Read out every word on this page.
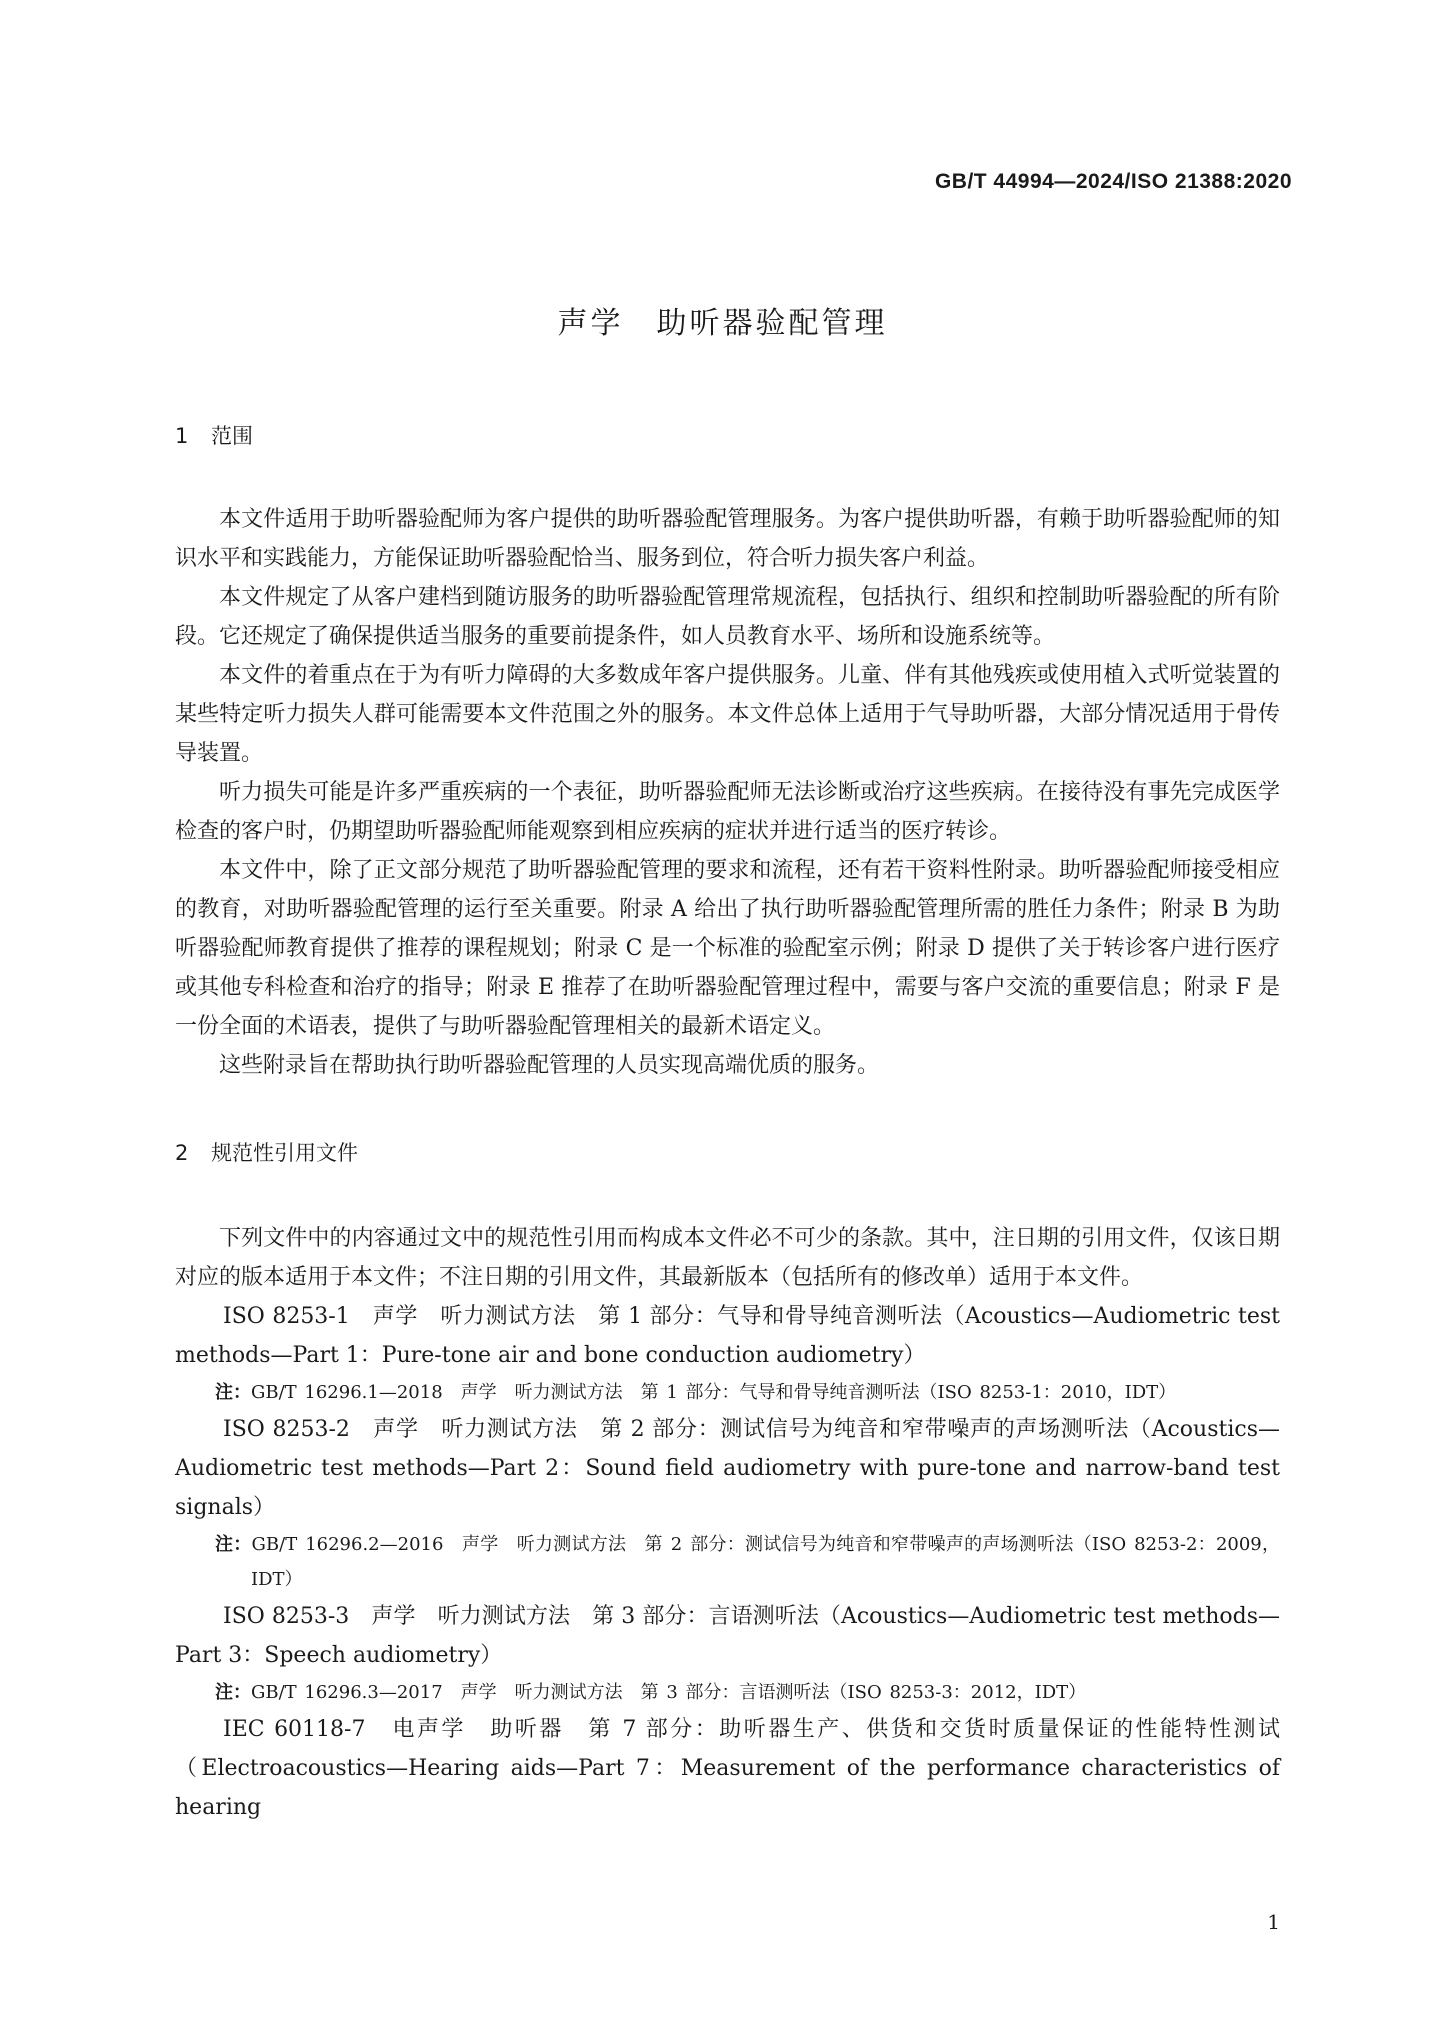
GB/T 44994—2024/ISO 21388:2020
声学　助听器验配管理
1 范围

本文件适用于助听器验配师为客户提供的助听器验配管理服务。为客户提供助听器，有赖于助听器验配师的知识水平和实践能力，方能保证助听器验配恰当、服务到位，符合听力损失客户利益。

本文件规定了从客户建档到随访服务的助听器验配管理常规流程，包括执行、组织和控制助听器验配的所有阶段。它还规定了确保提供适当服务的重要前提条件，如人员教育水平、场所和设施系统等。

本文件的着重点在于为有听力障碍的大多数成年客户提供服务。儿童、伴有其他残疾或使用植入式听觉装置的某些特定听力损失人群可能需要本文件范围之外的服务。本文件总体上适用于气导助听器，大部分情况适用于骨传导装置。

听力损失可能是许多严重疾病的一个表征，助听器验配师无法诊断或治疗这些疾病。在接待没有事先完成医学检查的客户时，仍期望助听器验配师能观察到相应疾病的症状并进行适当的医疗转诊。

本文件中，除了正文部分规范了助听器验配管理的要求和流程，还有若干资料性附录。助听器验配师接受相应的教育，对助听器验配管理的运行至关重要。附录 A 给出了执行助听器验配管理所需的胜任力条件；附录 B 为助听器验配师教育提供了推荐的课程规划；附录 C 是一个标准的验配室示例；附录 D 提供了关于转诊客户进行医疗或其他专科检查和治疗的指导；附录 E 推荐了在助听器验配管理过程中，需要与客户交流的重要信息；附录 F 是一份全面的术语表，提供了与助听器验配管理相关的最新术语定义。

这些附录旨在帮助执行助听器验配管理的人员实现高端优质的服务。

2 规范性引用文件

下列文件中的内容通过文中的规范性引用而构成本文件必不可少的条款。其中，注日期的引用文件，仅该日期对应的版本适用于本文件；不注日期的引用文件，其最新版本（包括所有的修改单）适用于本文件。

ISO 8253-1　声学　听力测试方法　第 1 部分：气导和骨导纯音测听法（Acoustics—Audiometric test methods—Part 1：Pure-tone air and bone conduction audiometry）

注：GB/T 16296.1—2018　声学　听力测试方法　第 1 部分：气导和骨导纯音测听法（ISO 8253-1：2010，IDT）

ISO 8253-2　声学　听力测试方法　第 2 部分：测试信号为纯音和窄带噪声的声场测听法（Acoustics—Audiometric test methods—Part 2：Sound field audiometry with pure-tone and narrow-band test signals）

注：GB/T 16296.2—2016　声学　听力测试方法　第 2 部分：测试信号为纯音和窄带噪声的声场测听法（ISO 8253-2：2009，IDT）

ISO 8253-3　声学　听力测试方法　第 3 部分：言语测听法（Acoustics—Audiometric test methods—Part 3：Speech audiometry）

注：GB/T 16296.3—2017　声学　听力测试方法　第 3 部分：言语测听法（ISO 8253-3：2012，IDT）

IEC 60118-7　电声学　助听器　第 7 部分：助听器生产、供货和交货时质量保证的性能特性测试（Electroacoustics—Hearing aids—Part 7：Measurement of the performance characteristics of hearing

1
